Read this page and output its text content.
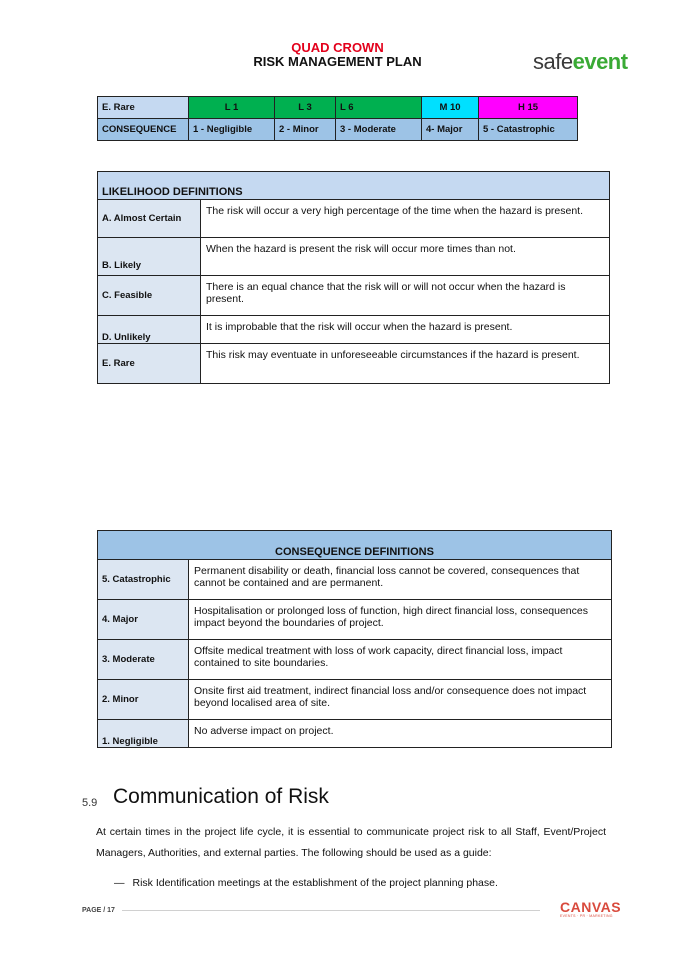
QUAD CROWN
RISK MANAGEMENT PLAN	safeevent
E. Rare	L 1	L 3	L 6	M 10	H 15
CONSEQUENCE	1 - Negligible	2 - Minor	3 - Moderate	4- Major	5 - Catastrophic
LIKELIHOOD DEFINITIONS	
A. Almost Certain	The risk will occur a very high percentage of the time when the hazard is present.
B. Likely	When the hazard is present the risk will occur more times than not.
C. Feasible	There is an equal chance that the risk will or will not occur when the hazard is present.
D. Unlikely	It is improbable that the risk will occur when the hazard is present.
E. Rare	This risk may eventuate in unforeseeable circumstances if the hazard is present.
CONSEQUENCE DEFINITIONS	
5. Catastrophic	Permanent disability or death, financial loss cannot be covered, consequences that cannot be contained and are permanent.
4. Major	Hospitalisation or prolonged loss of function, high direct financial loss, consequences impact beyond the boundaries of project.
3. Moderate	Offsite medical treatment with loss of work capacity, direct financial loss, impact contained to site boundaries.
2. Minor	Onsite first aid treatment, indirect financial loss and/or consequence does not impact beyond localised area of site.
1. Negligible	No adverse impact on project.
5.9 Communication of Risk
At certain times in the project life cycle, it is essential to communicate project risk to all Staff, Event/Project Managers, Authorities, and external parties. The following should be used as a guide:
— Risk Identification meetings at the establishment of the project planning phase.
PAGE / 17	CANVAS
EVENTS · PR · MARKETING
